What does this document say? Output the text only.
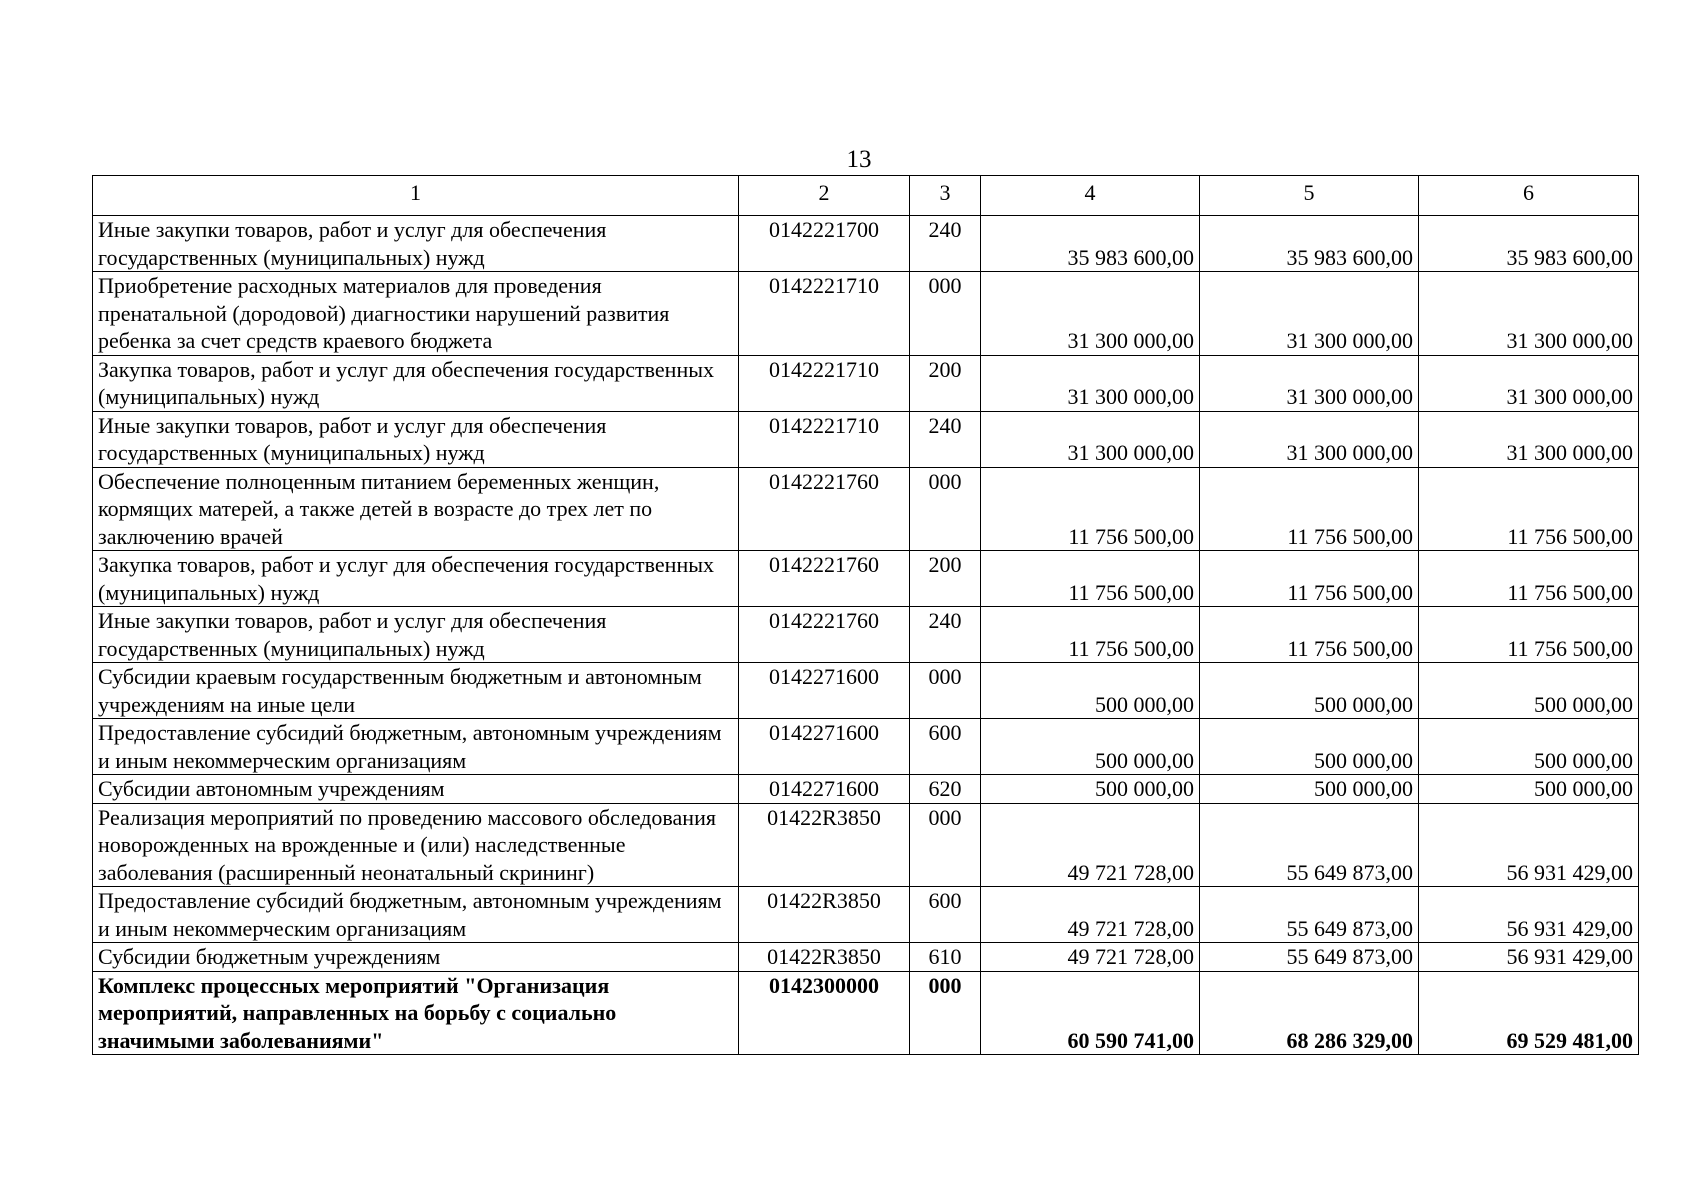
13
1	2	3	4	5	6
Иные закупки товаров, работ и услуг для обеспечения государственных (муниципальных) нужд	0142221700	240	35 983 600,00	35 983 600,00	35 983 600,00
Приобретение расходных материалов для проведения пренатальной (дородовой) диагностики нарушений развития ребенка за счет средств краевого бюджета	0142221710	000	31 300 000,00	31 300 000,00	31 300 000,00
Закупка товаров, работ и услуг для обеспечения государственных (муниципальных) нужд	0142221710	200	31 300 000,00	31 300 000,00	31 300 000,00
Иные закупки товаров, работ и услуг для обеспечения государственных (муниципальных) нужд	0142221710	240	31 300 000,00	31 300 000,00	31 300 000,00
Обеспечение полноценным питанием беременных женщин, кормящих матерей, а также детей в возрасте до трех лет по заключению врачей	0142221760	000	11 756 500,00	11 756 500,00	11 756 500,00
Закупка товаров, работ и услуг для обеспечения государственных (муниципальных) нужд	0142221760	200	11 756 500,00	11 756 500,00	11 756 500,00
Иные закупки товаров, работ и услуг для обеспечения государственных (муниципальных) нужд	0142221760	240	11 756 500,00	11 756 500,00	11 756 500,00
Субсидии краевым государственным бюджетным и автономным учреждениям на иные цели	0142271600	000	500 000,00	500 000,00	500 000,00
Предоставление субсидий бюджетным, автономным учреждениям и иным некоммерческим организациям	0142271600	600	500 000,00	500 000,00	500 000,00
Субсидии автономным учреждениям	0142271600	620	500 000,00	500 000,00	500 000,00
Реализация мероприятий по проведению массового обследования новорожденных на врожденные и (или) наследственные заболевания (расширенный неонатальный скрининг)	01422R3850	000	49 721 728,00	55 649 873,00	56 931 429,00
Предоставление субсидий бюджетным, автономным учреждениям и иным некоммерческим организациям	01422R3850	600	49 721 728,00	55 649 873,00	56 931 429,00
Субсидии бюджетным учреждениям	01422R3850	610	49 721 728,00	55 649 873,00	56 931 429,00
Комплекс процессных мероприятий "Организация мероприятий, направленных на борьбу с социально значимыми заболеваниями"	0142300000	000	60 590 741,00	68 286 329,00	69 529 481,00
